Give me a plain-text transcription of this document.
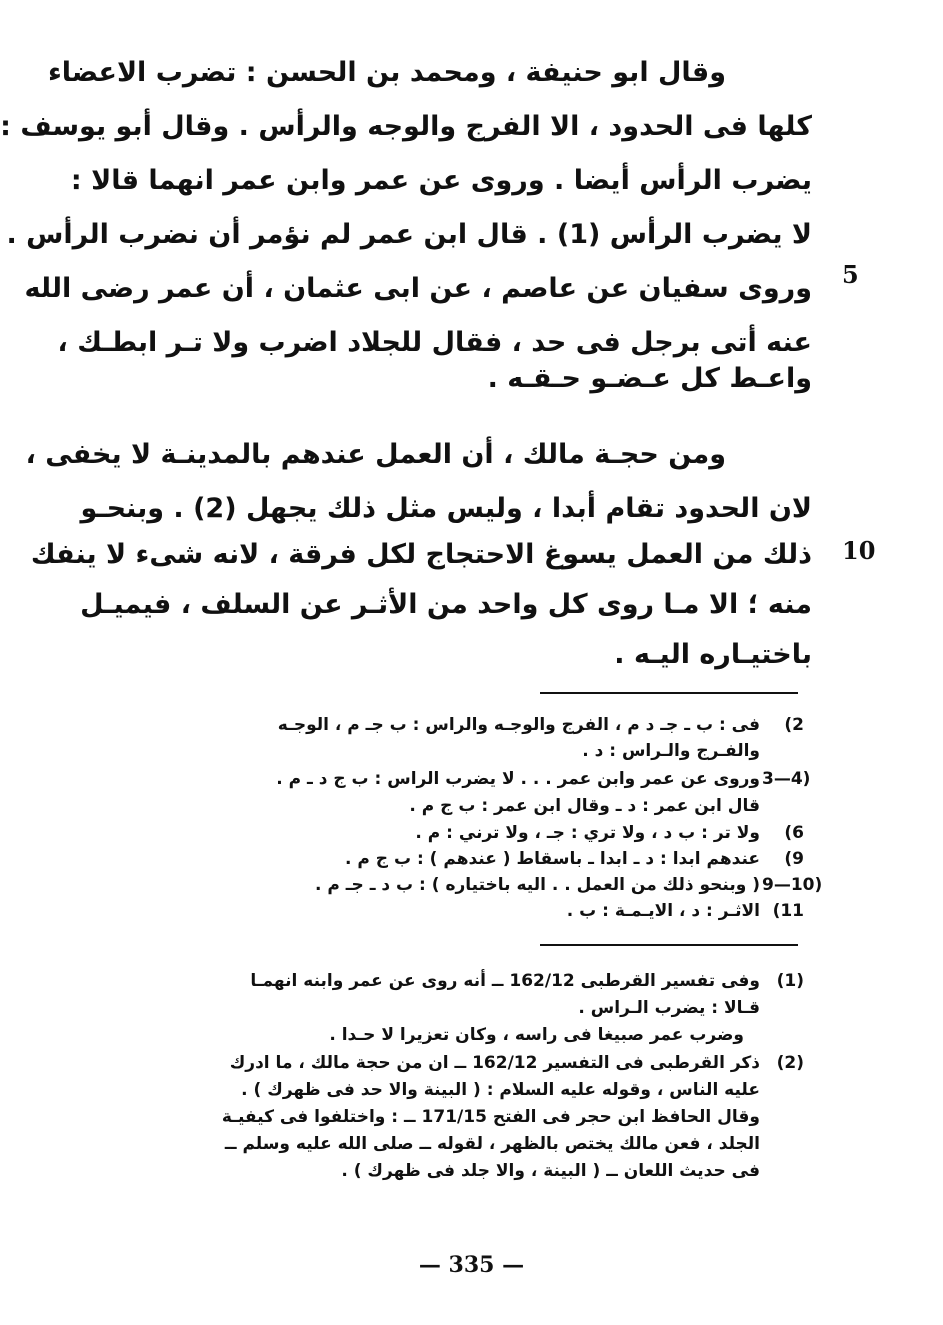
وقال ابو حنيفة ، ومحمد بن الحسن : تضرب الاعضاء
كلها فى الحدود ، الا الفرج والوجه والرأس . وقال أبو يوسف :
يضرب الرأس أيضا . وروى عن عمر وابن عمر انهما قالا :
لا يضرب الرأس (1) . قال ابن عمر لم نؤمر أن نضرب الرأس .
وروى سفيان عن عاصم ، عن ابى عثمان ، أن عمر رضى الله
عنه أتى برجل فى حد ، فقال للجلاد اضرب ولا تـر ابطـك ،
واعـط كل عـضـو حـقـه .
ومن حجـة مالك ، أن العمل عندهم بالمدينـة لا يخفى ،
لان الحدود تقام أبدا ، وليس مثل ذلك يجهل (2) . وبنحـو
ذلك من العمل يسوغ الاحتجاج لكل فرقة ، لانه شىء لا ينفك
منه ؛ الا مـا روى كل واحد من الأثـر عن السلف ، فيميـل
باختيـاره اليـه .
5
10
(2
فى : ب ـ جـ د م ، الفرج والوجـه والراس : ب جـ م ، الوجـه
والفـرج والـراس : د .
3—4)
وروى عن عمر وابن عمر . . . لا يضرب الراس : ب ج د ـ م .
قال ابن عمر : د ـ وقال ابن عمر : ب ج م .
(6
ولا تر : ب د ، ولا تري : جـ ، ولا ترني : م .
(9
عندهم ابدا : د ـ ابدا ـ باسقاط ( عندهم ) : ب ج م .
9—10)
( وبنحو ذلك من العمل . . اليه باختياره ) : ب د ـ جـ م .
(11
الاثـر : د ، الايـمـة : ب .
(1)
وفى تفسير القرطبى 162/12 ــ أنه روى عن عمر وابنه انهمـا
قـالا : يضرب الـراس .
وضرب عمر صبيغا فى راسه ، وكان تعزيرا لا حـدا .
(2)
ذكر القرطبى فى التفسير 162/12 ــ ان من حجة مالك ، ما ادرك
عليه الناس ، وقوله عليه السلام : ( البينة والا حد فى ظهرك ) .
وقال الحافظ ابن حجر فى الفتح 171/15 ــ : واختلفوا فى كيفيـة
الجلد ، فعن مالك يختص بالظهر ، لقوله ــ صلى الله عليه وسلم ــ
فى حديث اللعان ــ ( البينة ، والا جلد فى ظهرك ) .
— 335 —
